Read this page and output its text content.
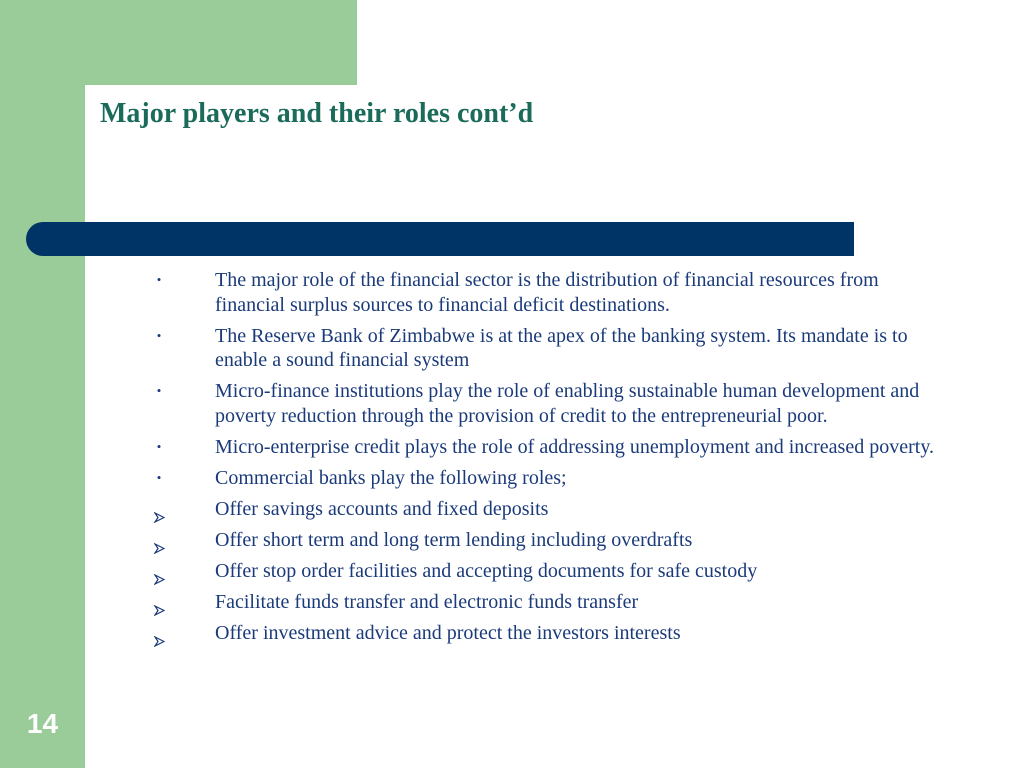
Major players and their roles cont’d
•	The major role of the financial sector is the distribution of financial resources from financial surplus sources to financial deficit destinations.
•	The Reserve Bank of Zimbabwe is at the apex of the banking system. Its mandate is to enable a sound financial system
•	Micro-finance institutions play the role of enabling sustainable human development and poverty reduction through the provision of credit to the entrepreneurial poor.
•	Micro-enterprise credit plays the role of addressing unemployment and increased poverty.
•	Commercial banks play the following roles;
Offer savings accounts and fixed deposits
Offer short term and long term lending including overdrafts
Offer stop order facilities and accepting documents for safe custody
Facilitate funds transfer and electronic funds transfer
Offer investment advice and protect the investors interests
14
